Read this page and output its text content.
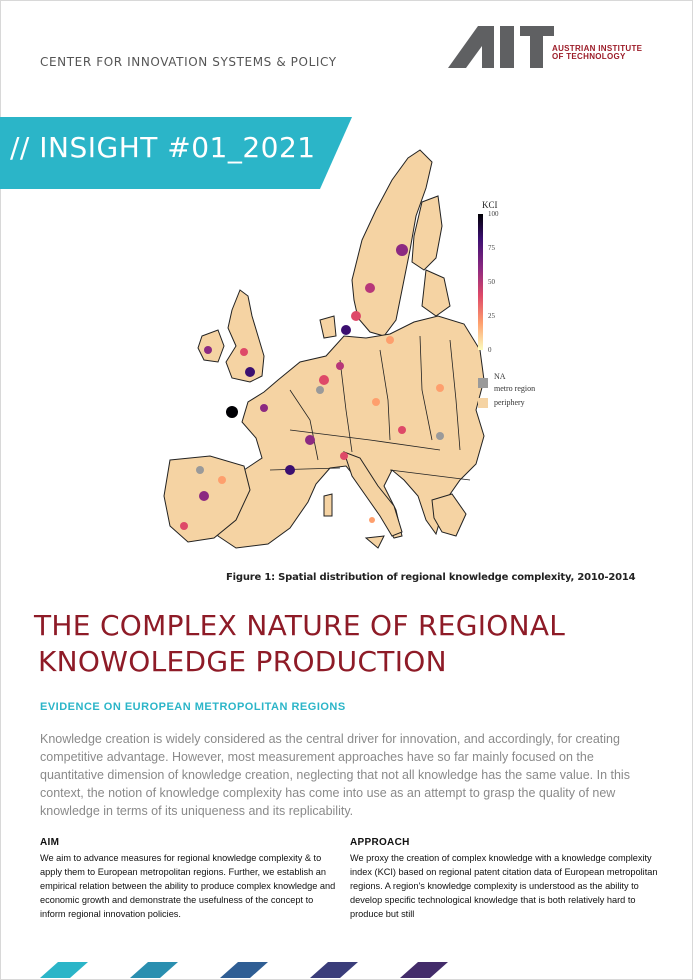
CENTER FOR INNOVATION SYSTEMS & POLICY
AUSTRIAN INSTITUTE
OF TECHNOLOGY
// INSIGHT #01_2021
KCI
100
75
50
25
0
NA
metro region
periphery
Figure 1: Spatial distribution of regional knowledge complexity, 2010-2014
THE COMPLEX NATURE OF REGIONAL
KNOWOLEDGE PRODUCTION
EVIDENCE ON EUROPEAN METROPOLITAN REGIONS
Knowledge creation is widely considered as the central driver for innovation, and accordingly, for creating competitive advantage. However, most measurement approaches have so far mainly focused on the quantitative dimension of knowledge creation, neglecting that not all knowledge has the same value. In this context, the notion of knowledge complexity has come into use as an attempt to grasp the quality of new knowledge in terms of its uniqueness and its replicability.
AIM
We aim to advance measures for regional knowledge complexity & to apply them to European metropolitan regions. Further, we establish an empirical relation between the ability to produce complex knowledge and economic growth and demonstrate the usefulness of the concept to inform regional innovation policies.
APPROACH
We proxy the creation of complex knowledge with a knowledge complexity index (KCI) based on regional patent citation data of European metropolitan regions. A region's knowledge complexity is understood as the ability to develop specific technological knowledge that is both relatively hard to produce but still
